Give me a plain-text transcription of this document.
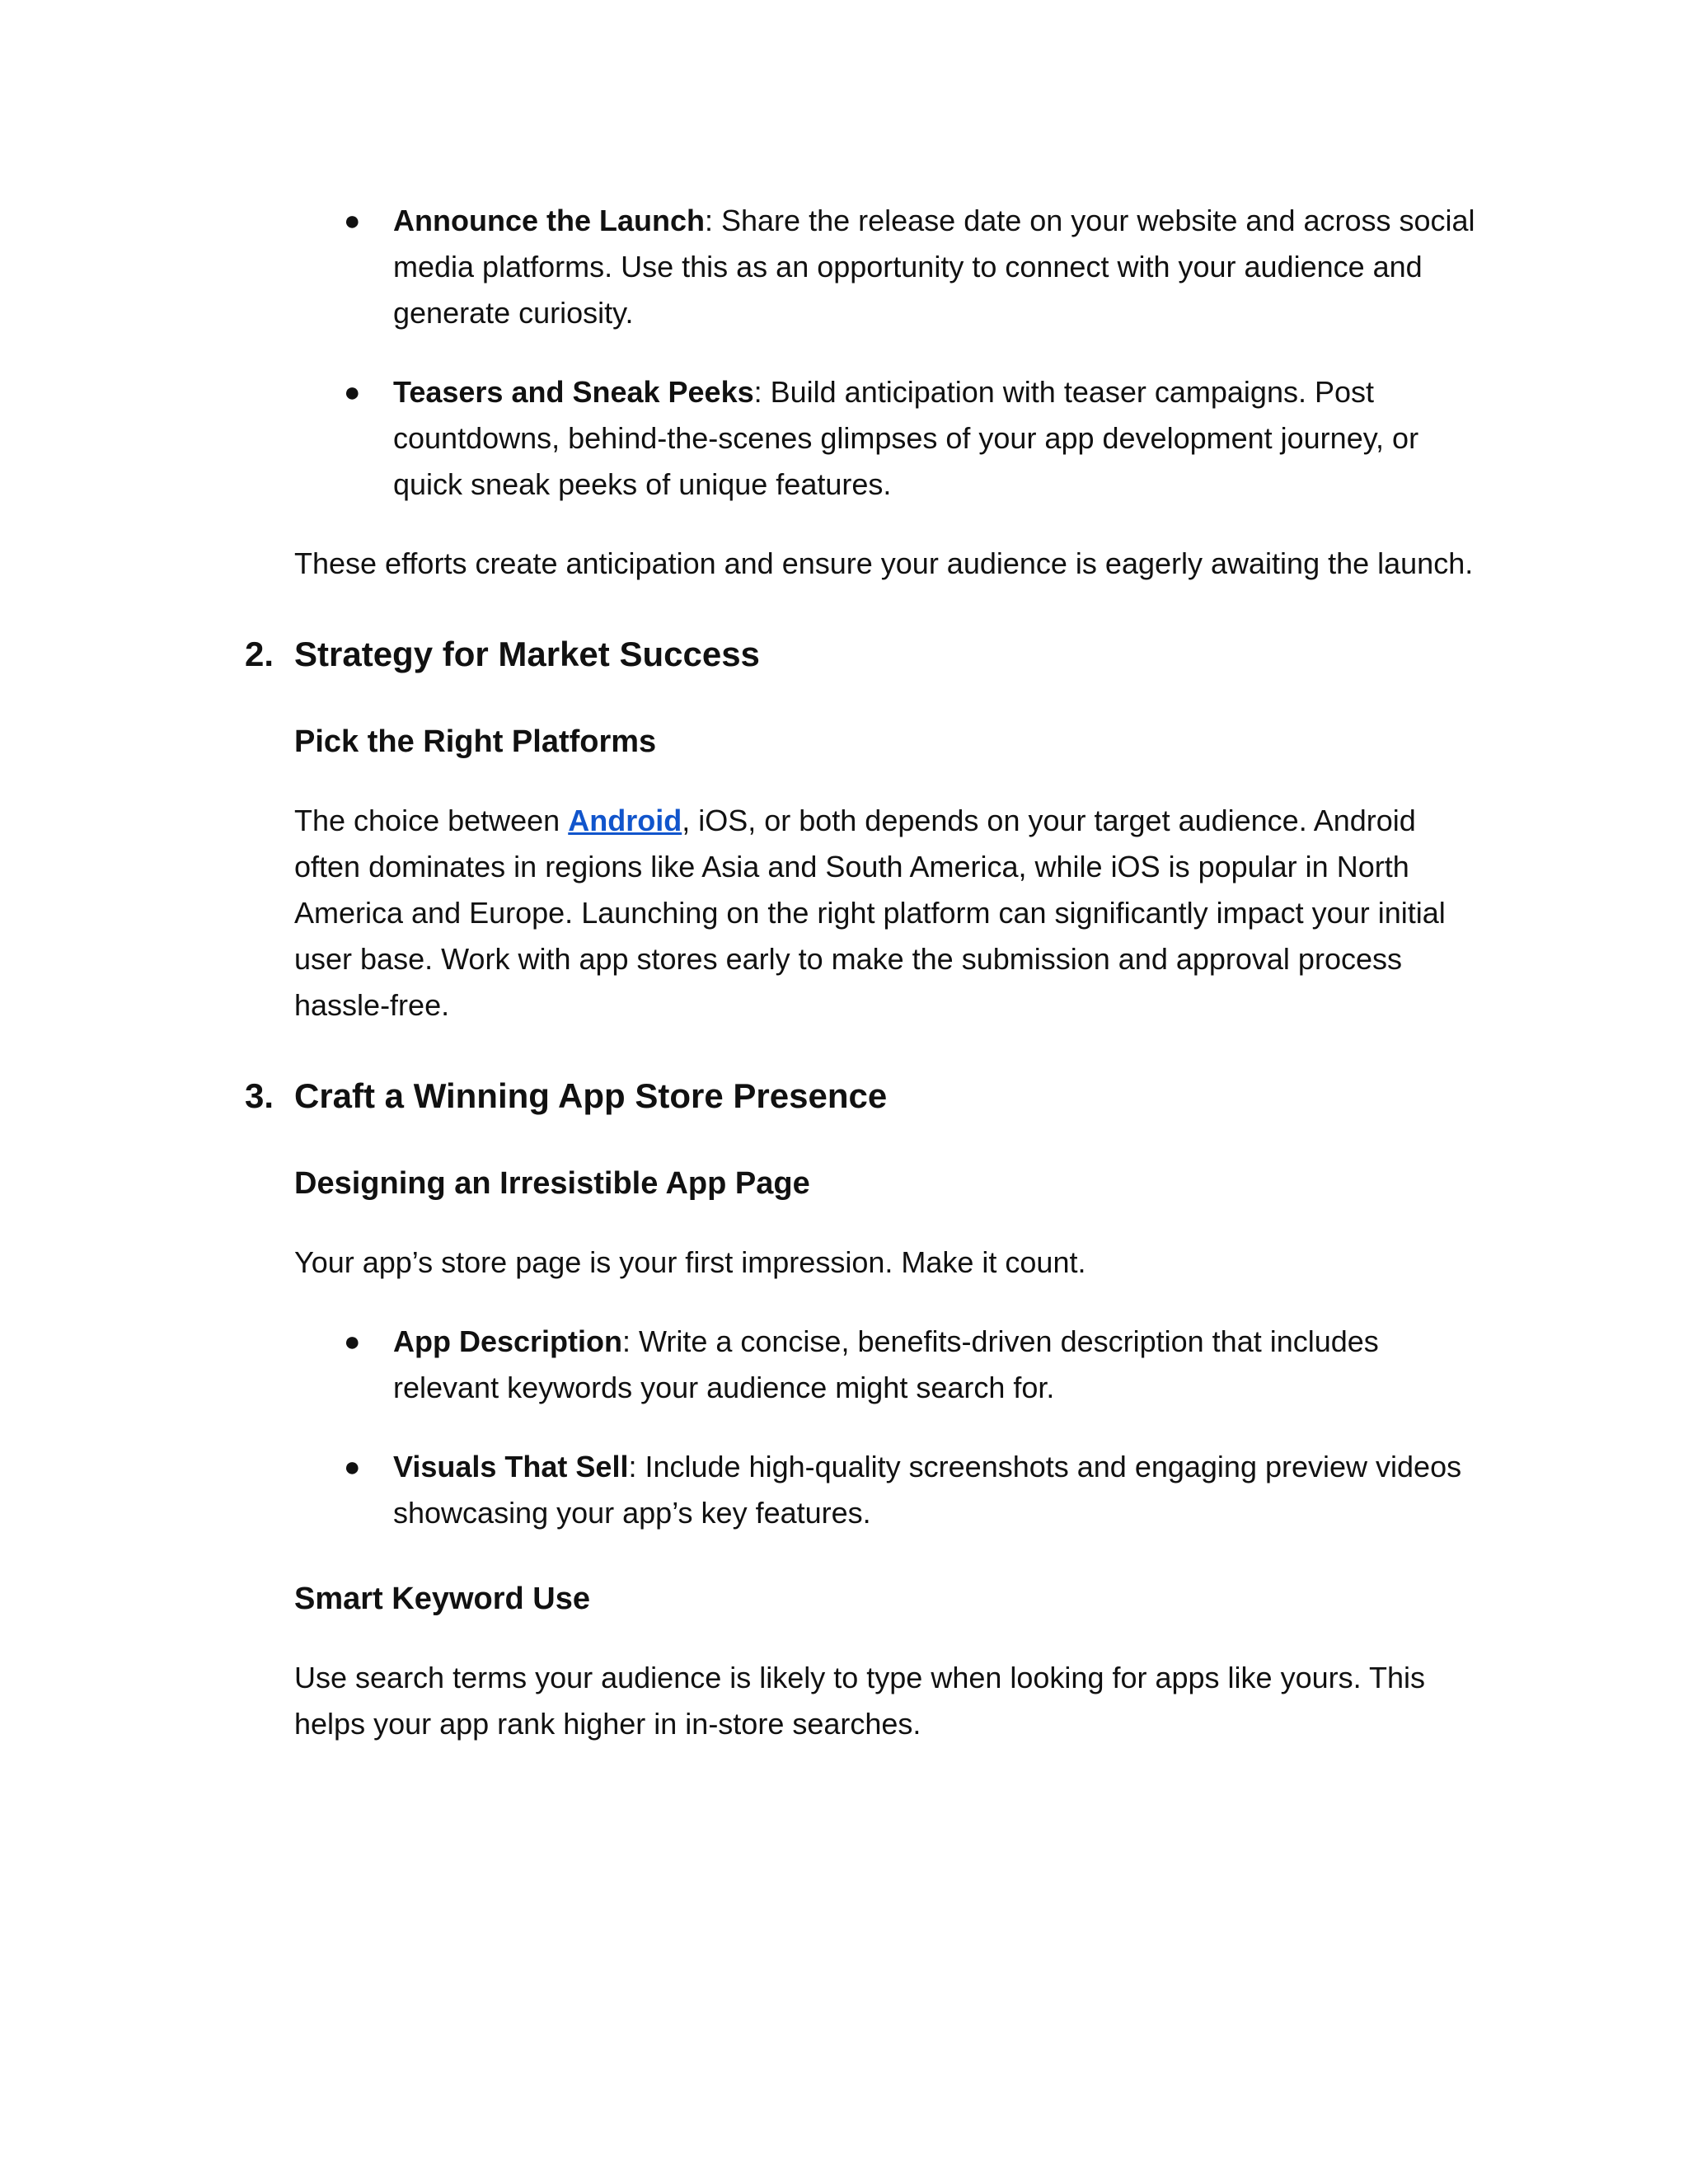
● Announce the Launch: Share the release date on your website and across social media platforms. Use this as an opportunity to connect with your audience and generate curiosity.
● Teasers and Sneak Peeks: Build anticipation with teaser campaigns. Post countdowns, behind-the-scenes glimpses of your app development journey, or quick sneak peeks of unique features.

These efforts create anticipation and ensure your audience is eagerly awaiting the launch.

2. Strategy for Market Success
Pick the Right Platforms

The choice between Android, iOS, or both depends on your target audience. Android often dominates in regions like Asia and South America, while iOS is popular in North America and Europe. Launching on the right platform can significantly impact your initial user base. Work with app stores early to make the submission and approval process hassle-free.

3. Craft a Winning App Store Presence
Designing an Irresistible App Page

Your app’s store page is your first impression. Make it count.

● App Description: Write a concise, benefits-driven description that includes relevant keywords your audience might search for.
● Visuals That Sell: Include high-quality screenshots and engaging preview videos showcasing your app’s key features.
Smart Keyword Use

Use search terms your audience is likely to type when looking for apps like yours. This helps your app rank higher in in-store searches.
